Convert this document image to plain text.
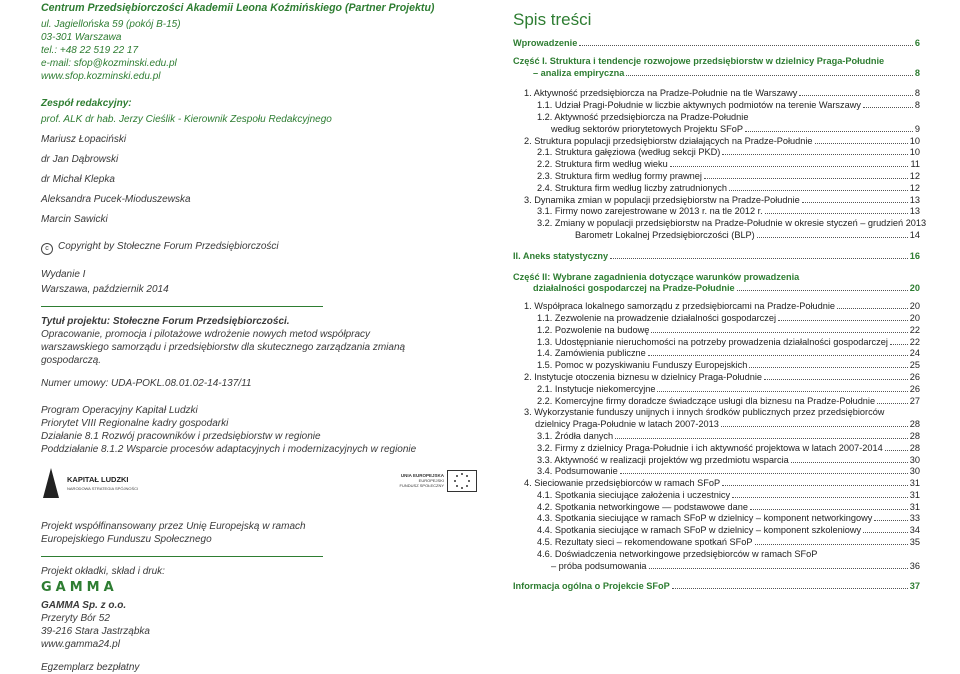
Centrum Przedsiębiorczości Akademii Leona Koźmińskiego (Partner Projektu)
ul. Jagiellońska 59 (pokój B-15)
03-301 Warszawa
tel.: +48 22 519 22 17
e-mail: sfop@kozminski.edu.pl
www.sfop.kozminski.edu.pl
Zespół redakcyjny:
prof. ALK dr hab. Jerzy Cieślik - Kierownik Zespołu Redakcyjnego
Mariusz Łopaciński
dr Jan Dąbrowski
dr Michał Klepka
Aleksandra Pucek-Mioduszewska
Marcin Sawicki
c Copyright by Stołeczne Forum Przedsiębiorczości
Wydanie I
Warszawa, październik 2014
Tytuł projektu: Stołeczne Forum Przedsiębiorczości.
Opracowanie, promocja i pilotażowe wdrożenie nowych metod współpracy warszawskiego samorządu i przedsiębiorstw dla skutecznego zarządzania zmianą gospodarczą.
Numer umowy: UDA-POKL.08.01.02-14-137/11
Program Operacyjny Kapitał Ludzki
Priorytet VIII Regionalne kadry gospodarki
Działanie 8.1 Rozwój pracowników i przedsiębiorstw w regionie
Poddziałanie 8.1.2 Wsparcie procesów adaptacyjnych i modernizacyjnych w regionie
KAPITAŁ LUDZKI
NARODOWA STRATEGIA SPÓJNOŚCI
UNIA EUROPEJSKA
EUROPEJSKI
FUNDUSZ SPOŁECZNY
Projekt współfinansowany przez Unię Europejską w ramach Europejskiego Funduszu Społecznego
Projekt okładki, skład i druk:
GAMMA
GAMMA Sp. z o.o.
Przeryty Bór 52
39-216 Stara Jastrząbka
www.gamma24.pl
Egzemplarz bezpłatny
Spis treści
Wprowadzenie	6
Część I. Struktura i tendencje rozwojowe przedsiębiorstw w dzielnicy Praga-Południe
– analiza empiryczna	8
1. Aktywność przedsiębiorcza na Pradze-Południe na tle Warszawy	8
1.1. Udział Pragi-Południe w liczbie aktywnych podmiotów na terenie Warszawy	8
1.2. Aktywność przedsiębiorcza na Pradze-Południe
według sektorów priorytetowych Projektu SFoP	9
2. Struktura populacji przedsiębiorstw działających na Pradze-Południe	10
2.1. Struktura gałęziowa (według sekcji PKD)	10
2.2. Struktura firm według wieku	11
2.3. Struktura firm według formy prawnej	12
2.4. Struktura firm według liczby zatrudnionych	12
3. Dynamika zmian w populacji przedsiębiorstw na Pradze-Południe	13
3.1. Firmy nowo zarejestrowane w 2013 r. na tle 2012 r.	13
3.2. Zmiany w populacji przedsiębiorstw na Pradze-Południe w okresie styczeń – grudzień 2013
Barometr Lokalnej Przedsiębiorczości (BLP)	14
II. Aneks statystyczny	16
Część II: Wybrane zagadnienia dotyczące warunków prowadzenia
działalności gospodarczej na Pradze-Południe	20
1. Współpraca lokalnego samorządu z przedsiębiorcami na Pradze-Południe	20
1.1. Zezwolenie na prowadzenie działalności gospodarczej	20
1.2. Pozwolenie na budowę	22
1.3. Udostępnianie nieruchomości na potrzeby prowadzenia działalności gospodarczej 22
1.4. Zamówienia publiczne	24
1.5. Pomoc w pozyskiwaniu Funduszy Europejskich	25
2. Instytucje otoczenia biznesu w dzielnicy Praga-Południe	26
2.1. Instytucje niekomercyjne	26
2.2. Komercyjne firmy doradcze świadczące usługi dla biznesu na Pradze-Południe	27
3. Wykorzystanie funduszy unijnych i innych środków publicznych przez przedsiębiorców
dzielnicy Praga-Południe w latach 2007-2013	28
3.1. Źródła danych	28
3.2. Firmy z dzielnicy Praga-Południe i ich aktywność projektowa w latach 2007-2014	28
3.3. Aktywność w realizacji projektów wg przedmiotu wsparcia	30
3.4. Podsumowanie	30
4. Sieciowanie przedsiębiorców w ramach SFoP	31
4.1. Spotkania sieciujące założenia i uczestnicy	31
4.2. Spotkania networkingowe — podstawowe dane	31
4.3. Spotkania sieciujące w ramach SFoP w dzielnicy – komponent networkingowy	33
4.4. Spotkania sieciujące w ramach SFoP w dzielnicy – komponent szkoleniowy	34
4.5. Rezultaty sieci – rekomendowane spotkań SFoP	35
4.6. Doświadczenia networkingowe przedsiębiorców w ramach SFoP
– próba podsumowania	36
Informacja ogólna o Projekcie SFoP	37
